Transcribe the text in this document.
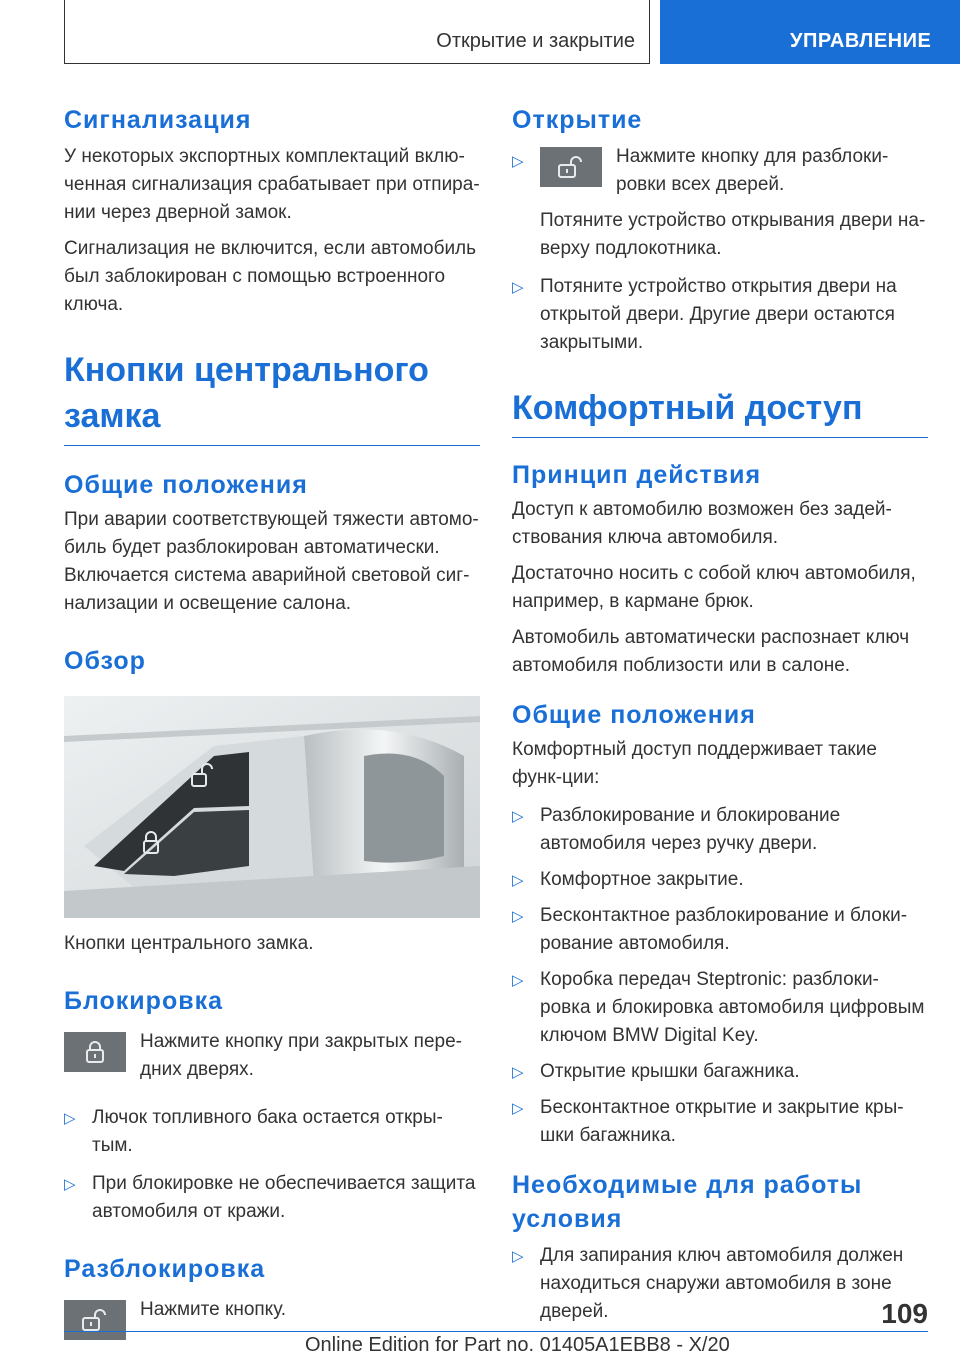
Открытие и закрытие	УПРАВЛЕНИЕ
Сигнализация

У некоторых экспортных комплектаций вклю-ченная сигнализация срабатывает при отпира-нии через дверной замок.

Сигнализация не включится, если автомобиль был заблокирован с помощью встроенного ключа.

Кнопки центрального замка
Общие положения

При аварии соответствующей тяжести автомо-биль будет разблокирован автоматически. Включается система аварийной световой сиг-нализации и освещение салона.

Обзор

Кнопки центрального замка.

Блокировка

Нажмите кнопку при закрытых пере-дних дверях.

▷ Лючок топливного бака остается откры-тым.
▷ При блокировке не обеспечивается защита автомобиля от кражи.
Разблокировка

Нажмите кнопку.

Открытие
▷	Нажмите кнопку для разблоки-ровки всех дверей.

Потяните устройство открывания двери на-верху подлокотника.

▷ Потяните устройство открытия двери на открытой двери. Другие двери остаются закрытыми.
Комфортный доступ
Принцип действия

Доступ к автомобилю возможен без задей-ствования ключа автомобиля.

Достаточно носить с собой ключ автомобиля, например, в кармане брюк.

Автомобиль автоматически распознает ключ автомобиля поблизости или в салоне.

Общие положения

Комфортный доступ поддерживает такие функ-ции:

▷ Разблокирование и блокирование автомобиля через ручку двери.
▷ Комфортное закрытие.
▷ Бесконтактное разблокирование и блоки-рование автомобиля.
▷ Коробка передач Steptronic: разблоки-ровка и блокировка автомобиля цифровым ключом BMW Digital Key.
▷ Открытие крышки багажника.
▷ Бесконтактное открытие и закрытие кры-шки багажника.
Необходимые для работы условия
▷ Для запирания ключ автомобиля должен находиться снаружи автомобиля в зоне дверей.	109
Online Edition for Part no. 01405A1EBB8 - X/20
